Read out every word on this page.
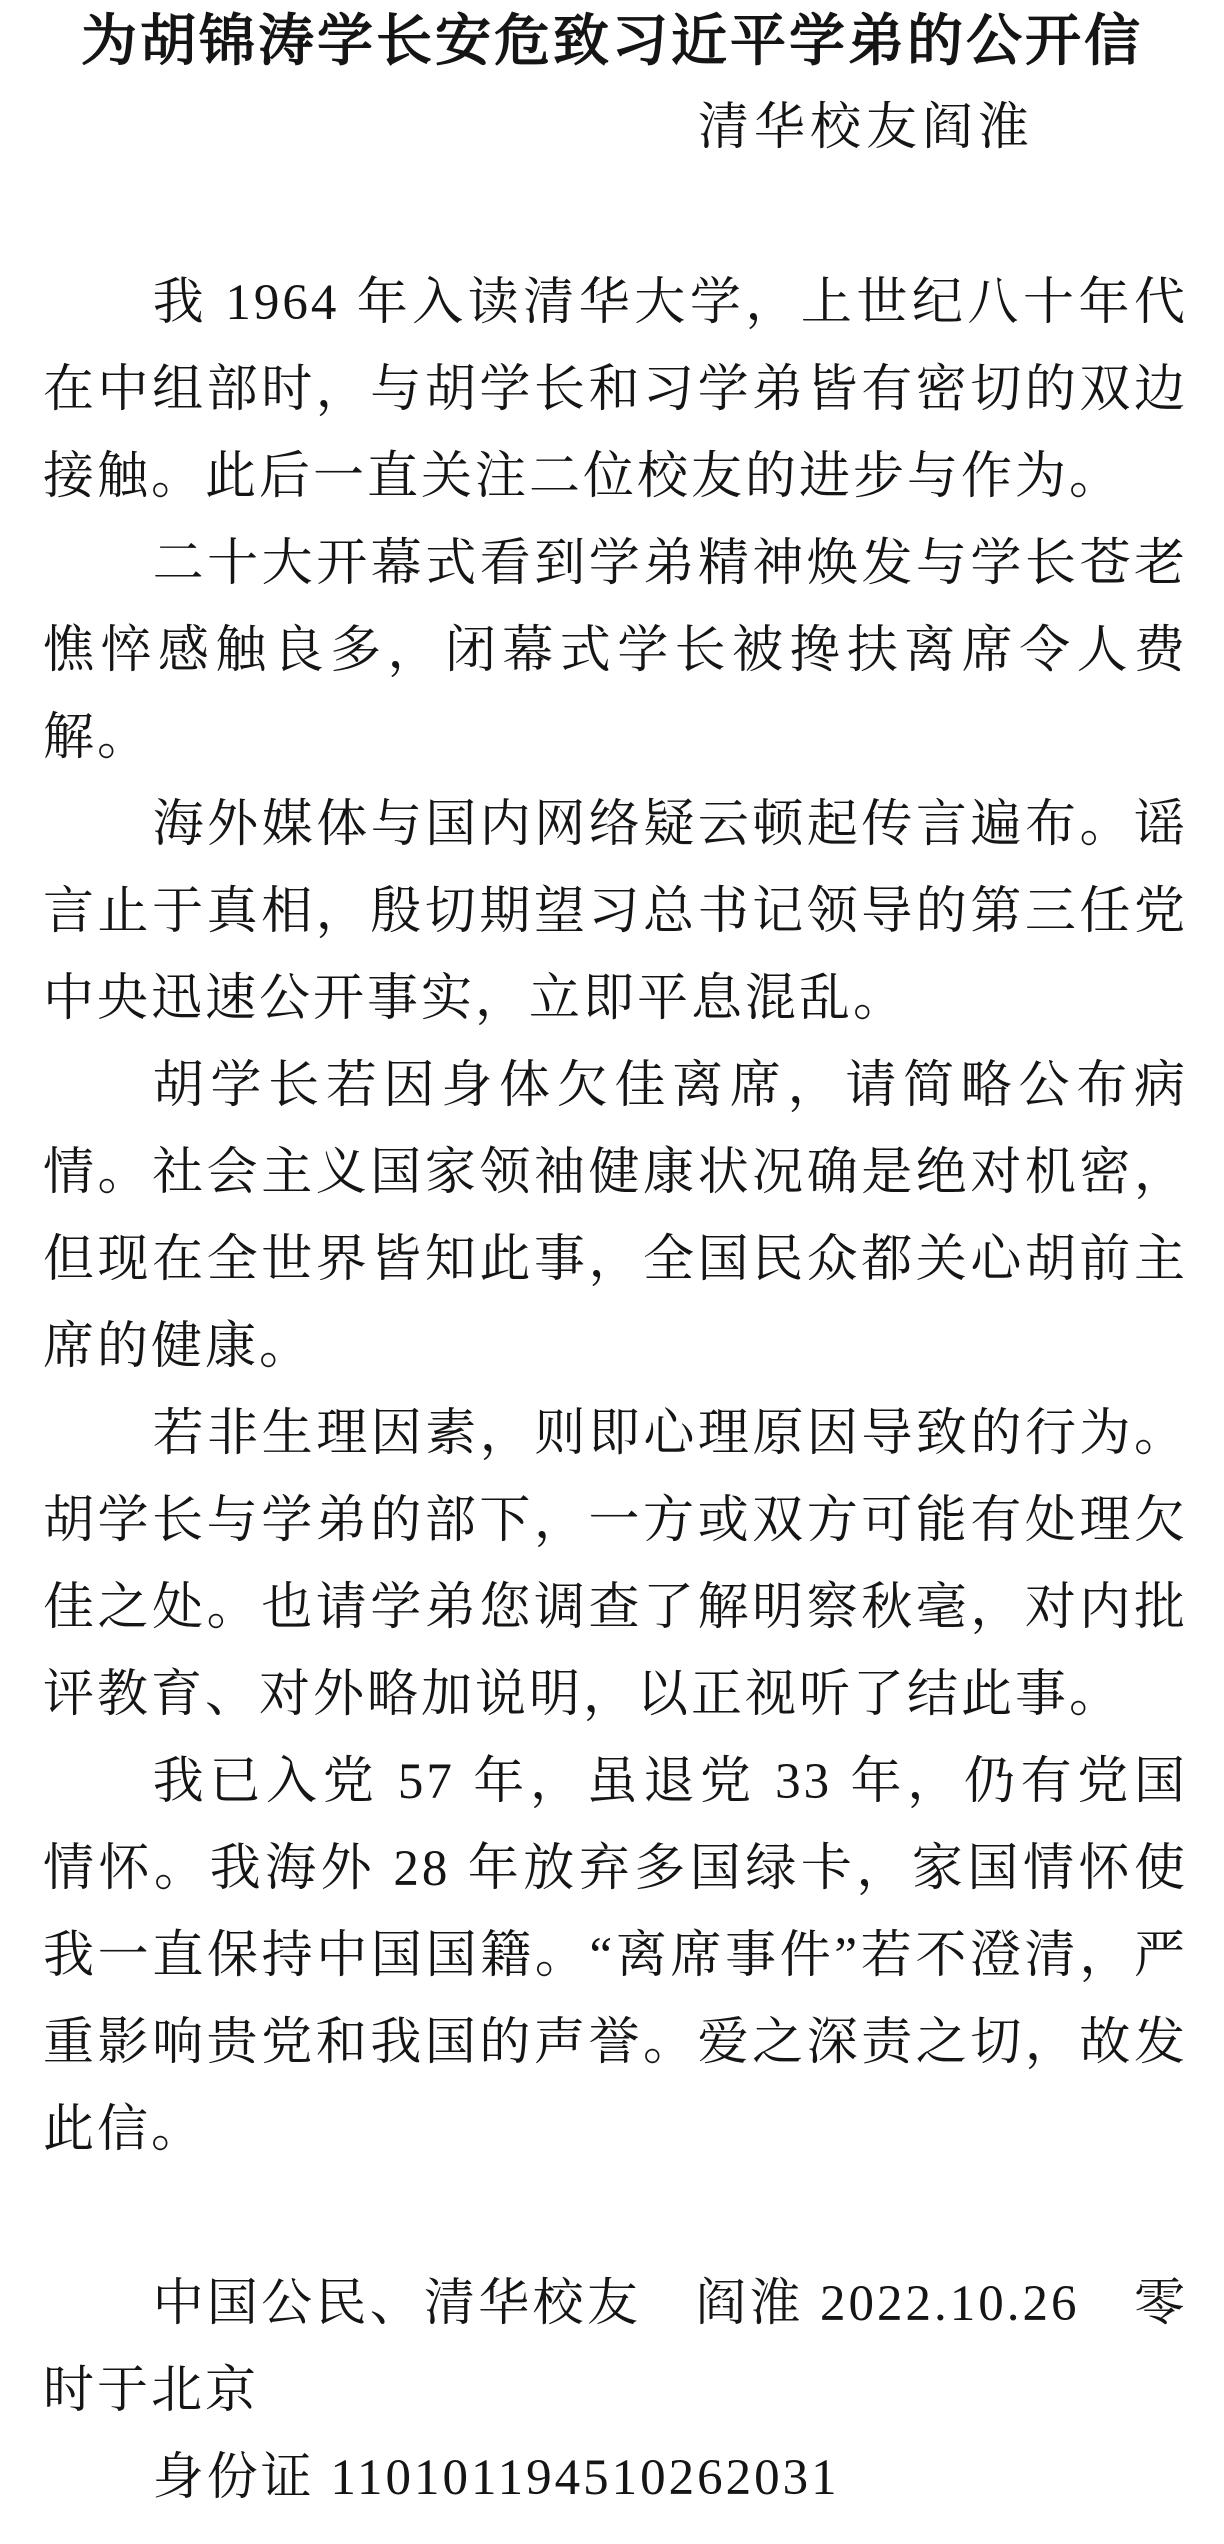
为胡锦涛学长安危致习近平学弟的公开信
清华校友阎淮

我 1964 年入读清华大学，上世纪八十年代在中组部时，与胡学长和习学弟皆有密切的双边接触。此后一直关注二位校友的进步与作为。

二十大开幕式看到学弟精神焕发与学长苍老憔悴感触良多，闭幕式学长被搀扶离席令人费解。

海外媒体与国内网络疑云顿起传言遍布。谣言止于真相，殷切期望习总书记领导的第三任党中央迅速公开事实，立即平息混乱。

胡学长若因身体欠佳离席，请简略公布病情。社会主义国家领袖健康状况确是绝对机密，但现在全世界皆知此事，全国民众都关心胡前主席的健康。

若非生理因素，则即心理原因导致的行为。胡学长与学弟的部下，一方或双方可能有处理欠佳之处。也请学弟您调查了解明察秋毫，对内批评教育、对外略加说明，以正视听了结此事。

我已入党 57 年，虽退党 33 年，仍有党国情怀。我海外 28 年放弃多国绿卡，家国情怀使我一直保持中国国籍。“离席事件”若不澄清，严重影响贵党和我国的声誉。爱之深责之切，故发此信。

中国公民、清华校友　阎淮 2022.10.26　零时于北京

身份证 110101194510262031
